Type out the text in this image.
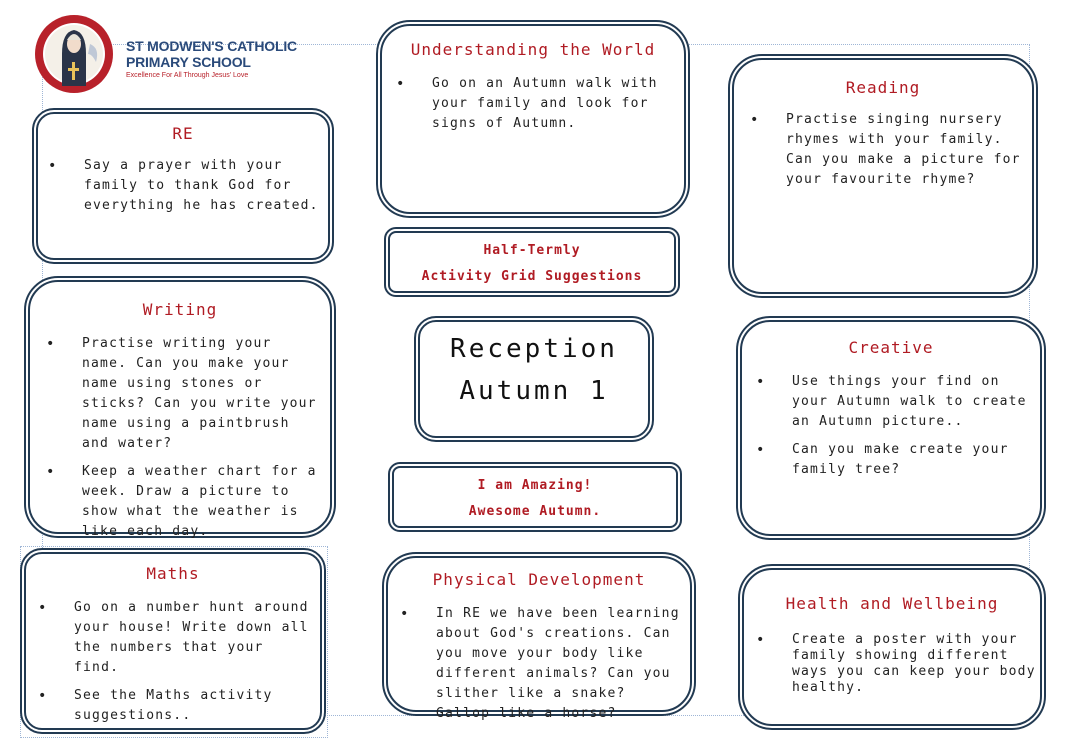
ST MODWEN'S CATHOLIC
PRIMARY SCHOOL
Excellence For All Through Jesus' Love
RE
• Say a prayer with your family to thank God for everything he has created.
Writing
• Practise writing your name. Can you make your name using stones or sticks? Can you write your name using a paintbrush and water?
• Keep a weather chart for a week. Draw a picture to show what the weather is like each day.
Maths
• Go on a number hunt around your house! Write down all the numbers that your find.
• See the Maths activity suggestions..
Understanding the World
• Go on an Autumn walk with your family and look for signs of Autumn.
Half-Termly
Activity Grid Suggestions
Reception
Autumn 1
I am Amazing!
Awesome Autumn.
Physical Development
• In RE we have been learning about God's creations. Can you move your body like different animals? Can you slither like a snake? Gallop like a horse?
Reading
• Practise singing nursery rhymes with your family. Can you make a picture for your favourite rhyme?
Creative
• Use things your find on your Autumn walk to create an Autumn picture..
• Can you make create your family tree?
Health and Wellbeing
• Create a poster with your family showing different ways you can keep your body healthy.
